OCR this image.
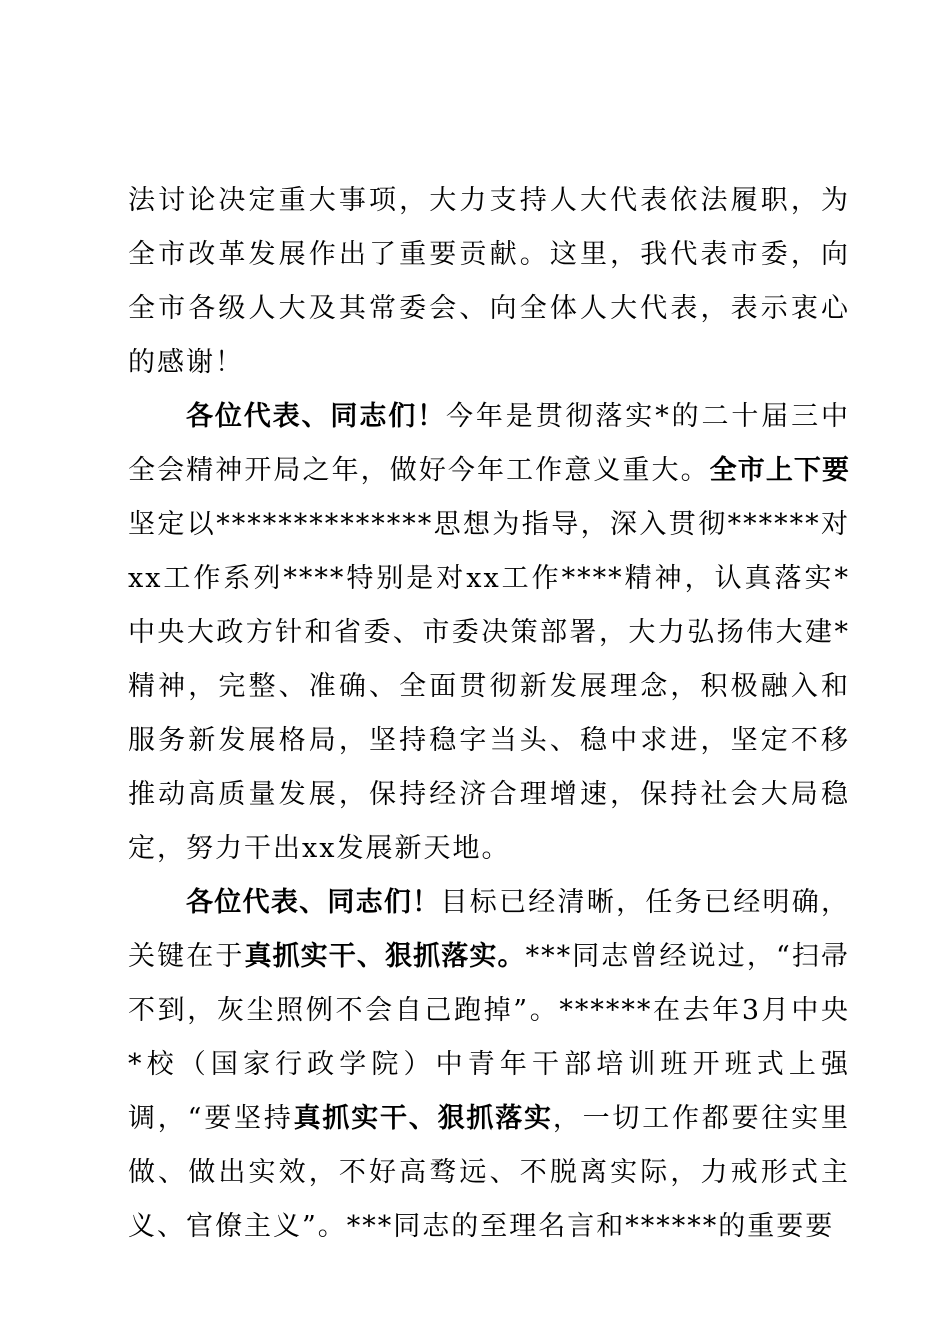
法讨论决定重大事项，大力支持人大代表依法履职，为全市改革发展作出了重要贡献。这里，我代表市委，向全市各级人大及其常委会、向全体人大代表，表示衷心的感谢！

各位代表、同志们！今年是贯彻落实*的二十届三中全会精神开局之年，做好今年工作意义重大。全市上下要坚定以**************思想为指导，深入贯彻******对xx工作系列****特别是对xx工作****精神，认真落实*中央大政方针和省委、市委决策部署，大力弘扬伟大建*精神，完整、准确、全面贯彻新发展理念，积极融入和服务新发展格局，坚持稳字当头、稳中求进，坚定不移推动高质量发展，保持经济合理增速，保持社会大局稳定，努力干出xx发展新天地。

各位代表、同志们！目标已经清晰，任务已经明确，关键在于真抓实干、狠抓落实。***同志曾经说过，“扫帚不到，灰尘照例不会自己跑掉”。******在去年3月中央*校（国家行政学院）中青年干部培训班开班式上强调，“要坚持真抓实干、狠抓落实，一切工作都要往实里做、做出实效，不好高骛远、不脱离实际，力戒形式主义、官僚主义”。***同志的至理名言和******的重要要
